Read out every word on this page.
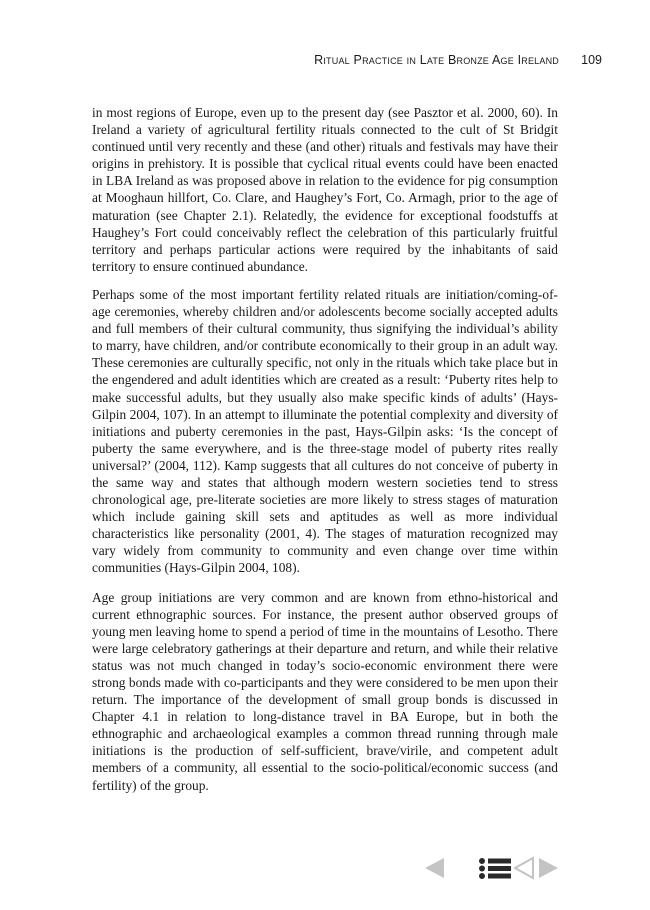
Ritual Practice in Late Bronze Age Ireland 109

in most regions of Europe, even up to the present day (see Pasztor et al. 2000, 60). In Ireland a variety of agricultural fertility rituals connected to the cult of St Bridgit continued until very recently and these (and other) rituals and festivals may have their origins in prehistory. It is possible that cyclical ritual events could have been enacted in LBA Ireland as was proposed above in relation to the evidence for pig consumption at Mooghaun hillfort, Co. Clare, and Haughey’s Fort, Co. Armagh, prior to the age of maturation (see Chapter 2.1). Relatedly, the evidence for exceptional foodstuffs at Haughey’s Fort could conceivably reflect the celebration of this particularly fruitful territory and perhaps particular actions were required by the inhabitants of said territory to ensure continued abundance.

Perhaps some of the most important fertility related rituals are initiation/coming-of-age ceremonies, whereby children and/or adolescents become socially accepted adults and full members of their cultural community, thus signifying the individual’s ability to marry, have children, and/or contribute economically to their group in an adult way. These ceremonies are culturally specific, not only in the rituals which take place but in the engendered and adult identities which are created as a result: ‘Puberty rites help to make successful adults, but they usually also make specific kinds of adults’ (Hays-Gilpin 2004, 107). In an attempt to illuminate the potential complexity and diversity of initiations and puberty ceremonies in the past, Hays-Gilpin asks: ‘Is the concept of puberty the same everywhere, and is the three-stage model of puberty rites really universal?’ (2004, 112). Kamp suggests that all cultures do not conceive of puberty in the same way and states that although modern western societies tend to stress chronological age, pre-literate societies are more likely to stress stages of maturation which include gaining skill sets and aptitudes as well as more individual characteristics like personality (2001, 4). The stages of maturation recognized may vary widely from community to community and even change over time within communities (Hays-Gilpin 2004, 108).

Age group initiations are very common and are known from ethno-historical and current ethnographic sources. For instance, the present author observed groups of young men leaving home to spend a period of time in the mountains of Lesotho. There were large celebratory gatherings at their departure and return, and while their relative status was not much changed in today’s socio-economic environment there were strong bonds made with co-participants and they were considered to be men upon their return. The importance of the development of small group bonds is discussed in Chapter 4.1 in relation to long-distance travel in BA Europe, but in both the ethnographic and archaeological examples a common thread running through male initiations is the production of self-sufficient, brave/virile, and competent adult members of a community, all essential to the socio-political/economic success (and fertility) of the group.
